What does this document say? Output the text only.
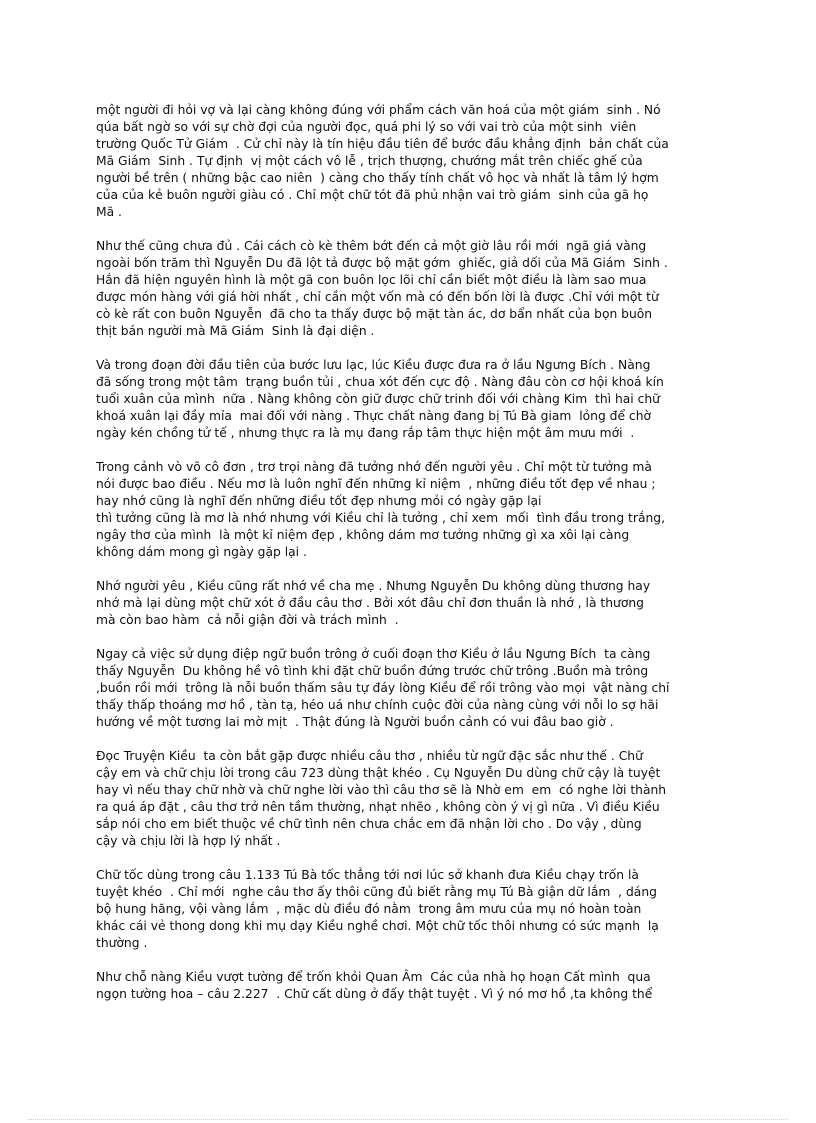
một người đi hỏi vợ và lại càng không đúng với phẩm cách văn hoá của một giám  sinh . Nó
qúa bất ngờ so với sự chờ đợi của người đọc, quá phi lý so với vai trò của một sinh  viên
trường Quốc Tử Giám  . Cử chỉ này là tín hiệu đầu tiên để bước đầu khẳng định  bản chất của
Mã Giám  Sinh . Tự định  vị một cách vô lễ , trịch thượng, chướng mắt trên chiếc ghế của
người bề trên ( những bậc cao niên  ) càng cho thấy tính chất vô học và nhất là tâm lý hợm
của của kẻ buôn người giàu có . Chỉ một chữ tót đã phủ nhận vai trò giám  sinh của gã họ
Mã .
Như thế cũng chưa đủ . Cái cách cò kè thêm bớt đến cả một giờ lâu rồi mới  ngã giá vàng
ngoài bốn trăm thì Nguyễn Du đã lột tả được bộ mặt gớm  ghiếc, giả dối của Mã Giám  Sinh .
Hắn đã hiện nguyên hình là một gã con buôn lọc lõi chỉ cần biết một điều là làm sao mua
được món hàng với giá hời nhất , chỉ cần một vốn mà có đến bốn lời là được .Chỉ với một từ
cò kè rất con buôn Nguyễn  đã cho ta thấy được bộ mặt tàn ác, dơ bẩn nhất của bọn buôn
thịt bán người mà Mã Giám  Sinh là đại diện .
Và trong đoạn đời đầu tiên của bước lưu lạc, lúc Kiều được đưa ra ở lầu Ngưng Bích . Nàng
đã sống trong một tâm  trạng buồn tủi , chua xót đến cực độ . Nàng đâu còn cơ hội khoá kín
tuổi xuân của mình  nữa . Nàng không còn giữ được chữ trinh đối với chàng Kim  thì hai chữ
khoá xuân lại đầy mỉa  mai đối với nàng . Thực chất nàng đang bị Tú Bà giam  lỏng để chờ
ngày kén chồng tử tế , nhưng thực ra là mụ đang rắp tâm thực hiện một âm mưu mới  .
Trong cảnh vò võ cô đơn , trơ trọi nàng đã tưởng nhớ đến người yêu . Chỉ một từ tưởng mà
nói được bao điều . Nếu mơ là luôn nghĩ đến những kỉ niệm  , những điều tốt đẹp về nhau ;
hay nhớ cũng là nghĩ đến những điều tốt đẹp nhưng mỏi có ngày gặp lại
thì tưởng cũng là mơ là nhớ nhưng với Kiều chỉ là tưởng , chỉ xem  mối  tình đầu trong trắng,
ngây thơ của mình  là một kỉ niệm đẹp , không dám mơ tưởng những gì xa xôi lại càng
không dám mong gì ngày gặp lại .
Nhớ người yêu , Kiều cũng rất nhớ về cha mẹ . Nhưng Nguyễn Du không dùng thương hay
nhớ mà lại dùng một chữ xót ở đầu câu thơ . Bởi xót đâu chỉ đơn thuần là nhớ , là thương
mà còn bao hàm  cả nỗi giận đời và trách mình  .
Ngay cả việc sử dụng điệp ngữ buồn trông ở cuối đoạn thơ Kiều ở lầu Ngưng Bích  ta càng
thấy Nguyễn  Du không hề vô tình khi đặt chữ buồn đứng trước chữ trông .Buồn mà trông
,buồn rồi mới  trông là nỗi buồn thấm sâu tự đáy lòng Kiều để rồi trông vào mọi  vật nàng chỉ
thấy thấp thoáng mơ hồ , tàn tạ, héo uá như chính cuộc đời của nàng cùng với nỗi lo sợ hãi
hướng về một tương lai mờ mịt  . Thật đúng là Người buồn cảnh có vui đâu bao giờ .
Đọc Truyện Kiều  ta còn bắt gặp được nhiều câu thơ , nhiều từ ngữ đặc sắc như thế . Chữ
cậy em và chữ chịu lời trong câu 723 dùng thật khéo . Cụ Nguyễn Du dùng chữ cậy là tuyệt
hay vì nếu thay chữ nhờ và chữ nghe lời vào thì câu thơ sẽ là Nhờ em  em  có nghe lời thành
ra quá áp đặt , câu thơ trở nên tầm thường, nhạt nhẽo , không còn ý vị gì nữa . Vì điều Kiều
sắp nói cho em biết thuộc về chữ tình nên chưa chắc em đã nhận lời cho . Do vậy , dùng
cậy và chịu lời là hợp lý nhất .
Chữ tốc dùng trong câu 1.133 Tú Bà tốc thẳng tới nơi lúc sở khanh đưa Kiều chạy trốn là
tuyệt khéo  . Chỉ mới  nghe câu thơ ấy thôi cũng đủ biết rằng mụ Tú Bà giận dữ lắm  , dáng
bộ hung hăng, vội vàng lắm  , mặc dù điều đó nằm  trong âm mưu của mụ nó hoàn toàn
khác cái vẻ thong dong khi mụ dạy Kiều nghề chơi. Một chữ tốc thôi nhưng có sức mạnh  lạ
thường .
Như chỗ nàng Kiều vượt tường để trốn khỏi Quan Âm  Các của nhà họ hoạn Cất mình  qua
ngọn tường hoa – câu 2.227  . Chữ cất dùng ở đấy thật tuyệt . Vì ý nó mơ hồ ,ta không thể
